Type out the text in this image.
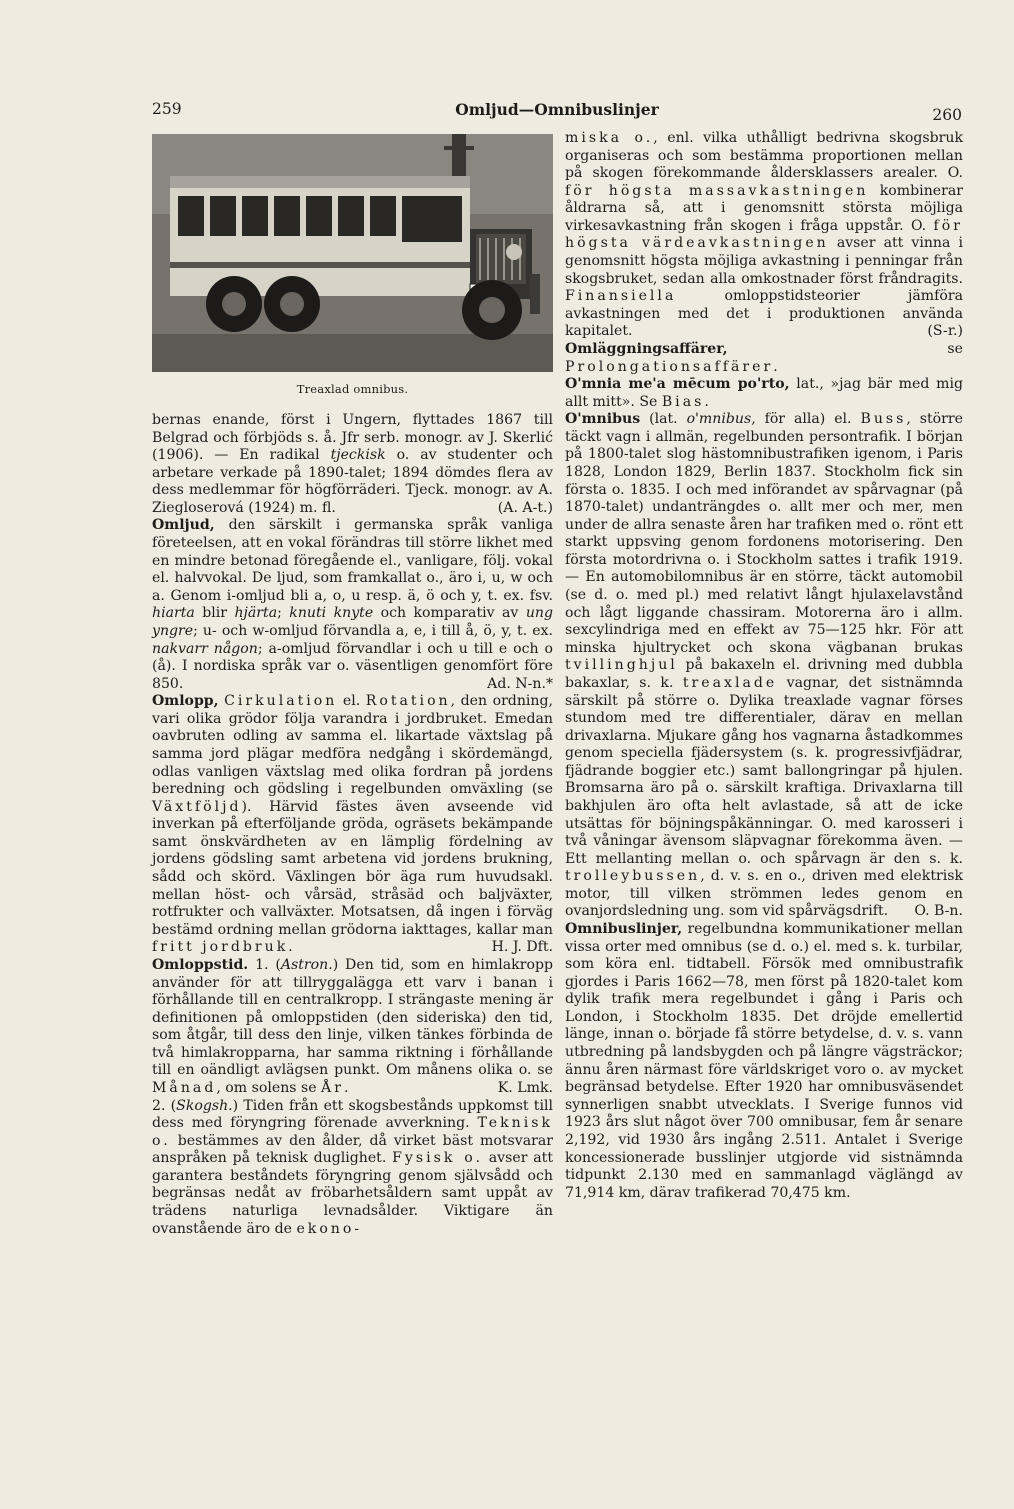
259	Omljud—Omnibuslinjer	260
Treaxlad omnibus.

bernas enande, först i Ungern, flyttades 1867 till Belgrad och förbjöds s. å. Jfr serb. monogr. av J. Skerlić (1906). — En radikal tjeckisk o. av studenter och arbetare verkade på 1890-talet; 1894 dömdes flera av dess medlemmar för högförräderi. Tjeck. monogr. av A. Ziegloserová (1924) m. fl.	(A. A-t.)

Omljud, den särskilt i germanska språk vanliga företeelsen, att en vokal förändras till större likhet med en mindre betonad föregående el., vanligare, följ. vokal el. halvvokal. De ljud, som framkallat o., äro i, u, w och a. Genom i-omljud bli a, o, u resp. ä, ö och y, t. ex. fsv. hiarta blir hjärta; knuti knyte och komparativ av ung yngre; u- och w-omljud förvandla a, e, i till å, ö, y, t. ex. nakvarr någon; a-omljud förvandlar i och u till e och o (å). I nordiska språk var o. väsentligen genomfört före 850.	Ad. N-n.*

Omlopp, Cirkulation el. Rotation, den ordning, vari olika grödor följa varandra i jordbruket. Emedan oavbruten odling av samma el. likartade växtslag på samma jord plägar medföra nedgång i skördemängd, odlas vanligen växtslag med olika fordran på jordens beredning och gödsling i regelbunden omväxling (se Växtföljd). Härvid fästes även avseende vid inverkan på efterföljande gröda, ogräsets bekämpande samt önskvärdheten av en lämplig fördelning av jordens gödsling samt arbetena vid jordens brukning, sådd och skörd. Växlingen bör äga rum huvudsakl. mellan höst- och vårsäd, stråsäd och baljväxter, rotfrukter och vallväxter. Motsatsen, då ingen i förväg bestämd ordning mellan grödorna iakttages, kallar man fritt jordbruk.	H. J. Dft.

Omloppstid. 1. (Astron.) Den tid, som en himlakropp använder för att tillryggalägga ett varv i banan i förhållande till en centralkropp. I strängaste mening är definitionen på omloppstiden (den sideriska) den tid, som åtgår, till dess den linje, vilken tänkes förbinda de två himlakropparna, har samma riktning i förhållande till en oändligt avlägsen punkt. Om månens olika o. se Månad, om solens se År.	K. Lmk.

2. (Skogsh.) Tiden från ett skogsbestånds uppkomst till dess med föryngring förenade avverkning. Teknisk o. bestämmes av den ålder, då virket bäst motsvarar anspråken på teknisk duglighet. Fysisk o. avser att garantera beståndets föryngring genom självsådd och begränsas nedåt av fröbarhetsåldern samt uppåt av trädens naturliga levnadsålder. Viktigare än ovanstående äro de ekono-

miska o., enl. vilka uthålligt bedrivna skogsbruk organiseras och som bestämma proportionen mellan på skogen förekommande åldersklassers arealer. O. för högsta massavkastningen kombinerar åldrarna så, att i genomsnitt största möjliga virkesavkastning från skogen i fråga uppstår. O. för högsta värdeavkastningen avser att vinna i genomsnitt högsta möjliga avkastning i penningar från skogsbruket, sedan alla omkostnader först fråndragits. Finansiella omloppstidsteorier jämföra avkastningen med det i produktionen använda kapitalet.	(S-r.)

Omläggningsaffärer, se Prolongationsaffärer.

O'mnia me'a mēcum po'rto, lat., »jag bär med mig allt mitt». Se Bias.

O'mnibus (lat. o'mnibus, för alla) el. Buss, större täckt vagn i allmän, regelbunden persontrafik. I början på 1800-talet slog hästomnibustrafiken igenom, i Paris 1828, London 1829, Berlin 1837. Stockholm fick sin första o. 1835. I och med införandet av spårvagnar (på 1870-talet) undanträngdes o. allt mer och mer, men under de allra senaste åren har trafiken med o. rönt ett starkt uppsving genom fordonens motorisering. Den första motordrivna o. i Stockholm sattes i trafik 1919. — En automobilomnibus är en större, täckt automobil (se d. o. med pl.) med relativt långt hjulaxelavstånd och lågt liggande chassiram. Motorerna äro i allm. sexcylindriga med en effekt av 75—125 hkr. För att minska hjultrycket och skona vägbanan brukas tvillinghjul på bakaxeln el. drivning med dubbla bakaxlar, s. k. treaxlade vagnar, det sistnämnda särskilt på större o. Dylika treaxlade vagnar förses stundom med tre differentialer, därav en mellan drivaxlarna. Mjukare gång hos vagnarna åstadkommes genom speciella fjädersystem (s. k. progressivfjädrar, fjädrande boggier etc.) samt ballongringar på hjulen. Bromsarna äro på o. särskilt kraftiga. Drivaxlarna till bakhjulen äro ofta helt avlastade, så att de icke utsättas för böjningspåkänningar. O. med karosseri i två våningar ävensom släpvagnar förekomma även. — Ett mellanting mellan o. och spårvagn är den s. k. trolleybussen, d. v. s. en o., driven med elektrisk motor, till vilken strömmen ledes genom en ovanjordsledning ung. som vid spårvägsdrift. O. B-n.

Omnibuslinjer, regelbundna kommunikationer mellan vissa orter med omnibus (se d. o.) el. med s. k. turbilar, som köra enl. tidtabell. Försök med omnibustrafik gjordes i Paris 1662—78, men först på 1820-talet kom dylik trafik mera regelbundet i gång i Paris och London, i Stockholm 1835. Det dröjde emellertid länge, innan o. började få större betydelse, d. v. s. vann utbredning på landsbygden och på längre vägsträckor; ännu åren närmast före världskriget voro o. av mycket begränsad betydelse. Efter 1920 har omnibusväsendet synnerligen snabbt utvecklats. I Sverige funnos vid 1923 års slut något över 700 omnibusar, fem år senare 2,192, vid 1930 års ingång 2.511. Antalet i Sverige koncessionerade busslinjer utgjorde vid sistnämnda tidpunkt 2.130 med en sammanlagd väglängd av 71,914 km, därav trafikerad 70,475 km.
